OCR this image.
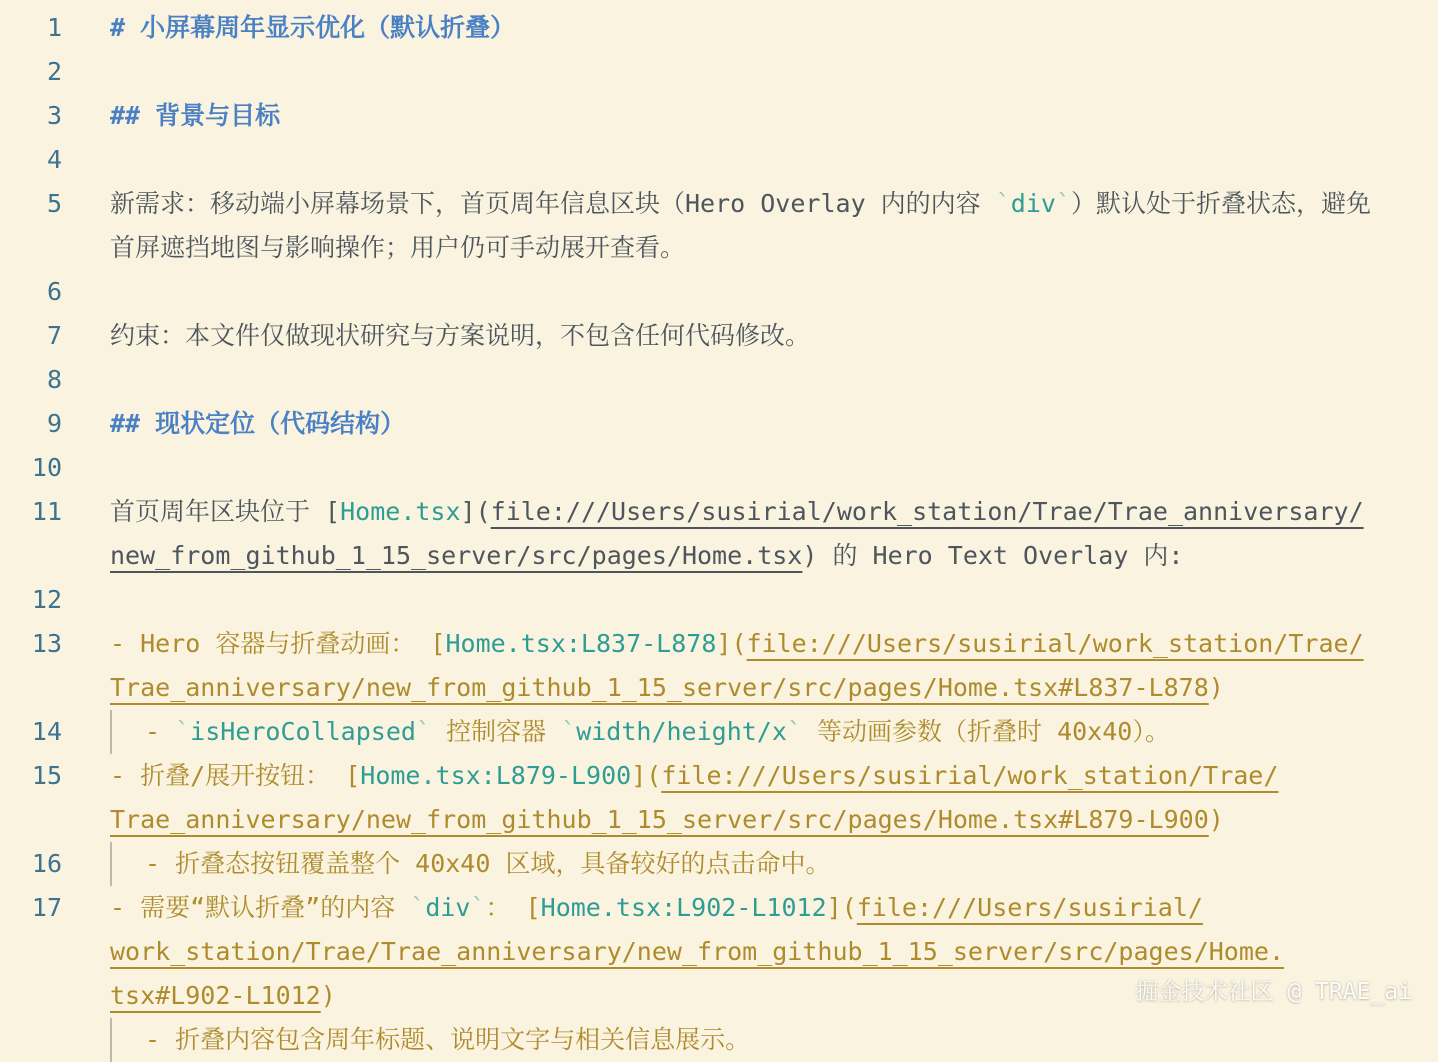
1 # 小屏幕周年显示优化（默认折叠）
2
3 ## 背景与目标
4
5 新需求：移动端小屏幕场景下，首页周年信息区块（Hero Overlay 内的内容 `div`）默认处于折叠状态，避免
首屏遮挡地图与影响操作；用户仍可手动展开查看。
6
7 约束：本文件仅做现状研究与方案说明，不包含任何代码修改。
8
9 ## 现状定位（代码结构）
10
11 首页周年区块位于 [Home.tsx](file:///Users/susirial/work_station/Trae/Trae_anniversary/
new_from_github_1_15_server/src/pages/Home.tsx) 的 Hero Text Overlay 内:
12
13 - Hero 容器与折叠动画： [Home.tsx:L837-L878](file:///Users/susirial/work_station/Trae/
Trae_anniversary/new_from_github_1_15_server/src/pages/Home.tsx#L837-L878)
14	- `isHeroCollapsed` 控制容器 `width/height/x` 等动画参数（折叠时 40x40）。
15 - 折叠/展开按钮： [Home.tsx:L879-L900](file:///Users/susirial/work_station/Trae/
Trae_anniversary/new_from_github_1_15_server/src/pages/Home.tsx#L879-L900)
16	- 折叠态按钮覆盖整个 40x40 区域，具备较好的点击命中。
17 - 需要“默认折叠”的内容 `div`： [Home.tsx:L902-L1012](file:///Users/susirial/
work_station/Trae/Trae_anniversary/new_from_github_1_15_server/src/pages/Home.
tsx#L902-L1012)
- 折叠内容包含周年标题、说明文字与相关信息展示。
掘金技术社区 @ TRAE_ai
